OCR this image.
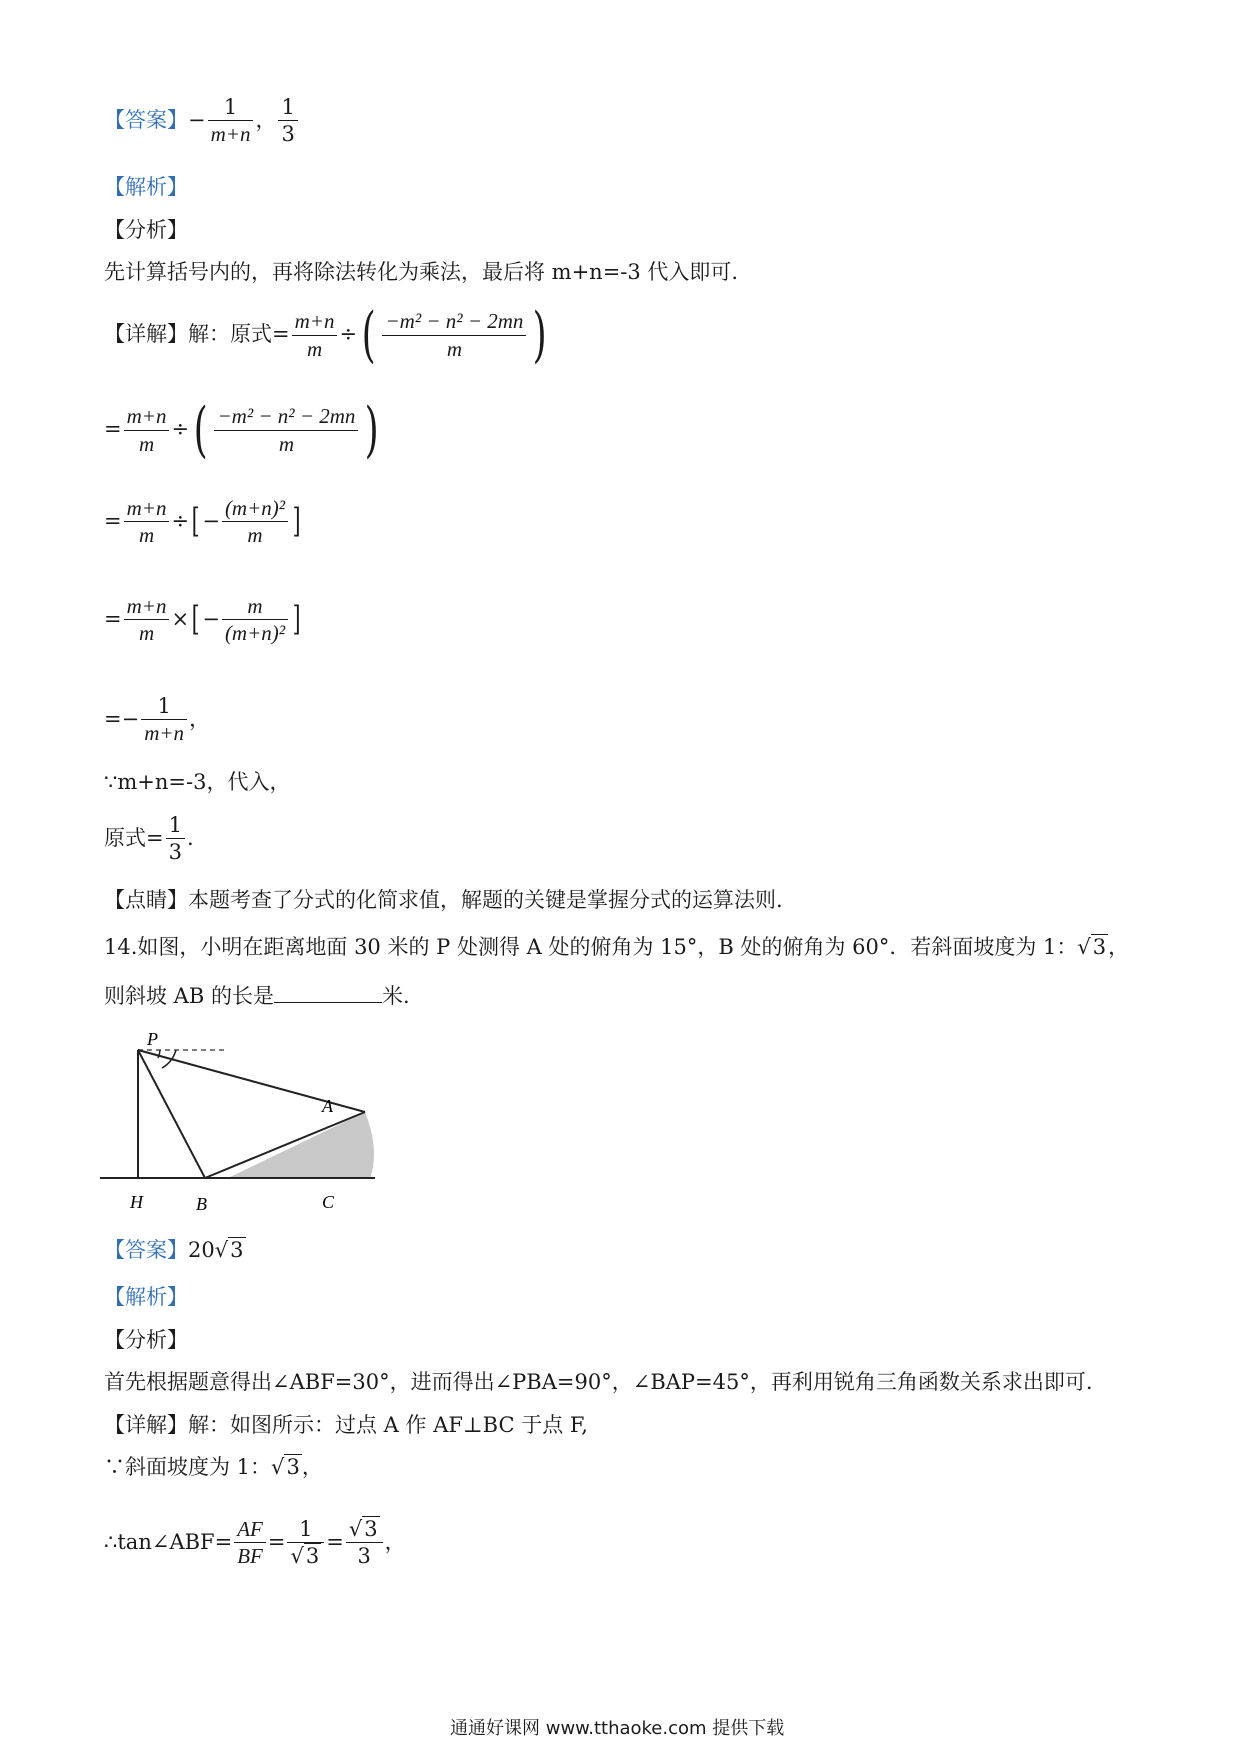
【答案】 − $\frac{1}{m+n}$ ， $\frac{1}{3}$
【解析】
【分析】
先计算括号内的，再将除法转化为乘法，最后将 m+n=-3 代入即可.
【详解】 解：原式= $\frac{m+n}{m}$ ÷ ( $\frac{\text{−m² − n² − 2mn}}{m}$ )
= $\frac{m+n}{m}$ ÷ ( $\frac{\text{−m² − n² − 2mn}}{m}$ )
= $\frac{m+n}{m}$ ÷ [ − $\frac{\text{(m+n)²}}{m}$ ]
= $\frac{m+n}{m}$ × [ − $\frac{m}{\text{(m+n)²}}$ ]
= − $\frac{1}{m+n}$ ，
∵m+n=-3，代入，
原式= $\frac{1}{3}$ .
【点睛】本题考查了分式的化简求值，解题的关键是掌握分式的运算法则.
14.如图，小明在距离地面 30 米的 P 处测得 A 处的俯角为 15°，B 处的俯角为 60°．若斜面坡度为 1： √3 ，
则斜坡 AB 的长是	米.
P
A
H	B	C
【答案】 20 √3
【解析】
【分析】
首先根据题意得出∠ABF=30°，进而得出∠PBA=90°，∠BAP=45°，再利用锐角三角函数关系求出即可.
【详解】解：如图所示：过点 A 作 AF⊥BC 于点 F,
∵斜面坡度为 1： √3 ，
∴tan∠ABF= $\frac{AF}{BF} = \frac{1}{√3} = \frac{√3}{3}$ ，
通通好课网 www.tthaoke.com 提供下载
